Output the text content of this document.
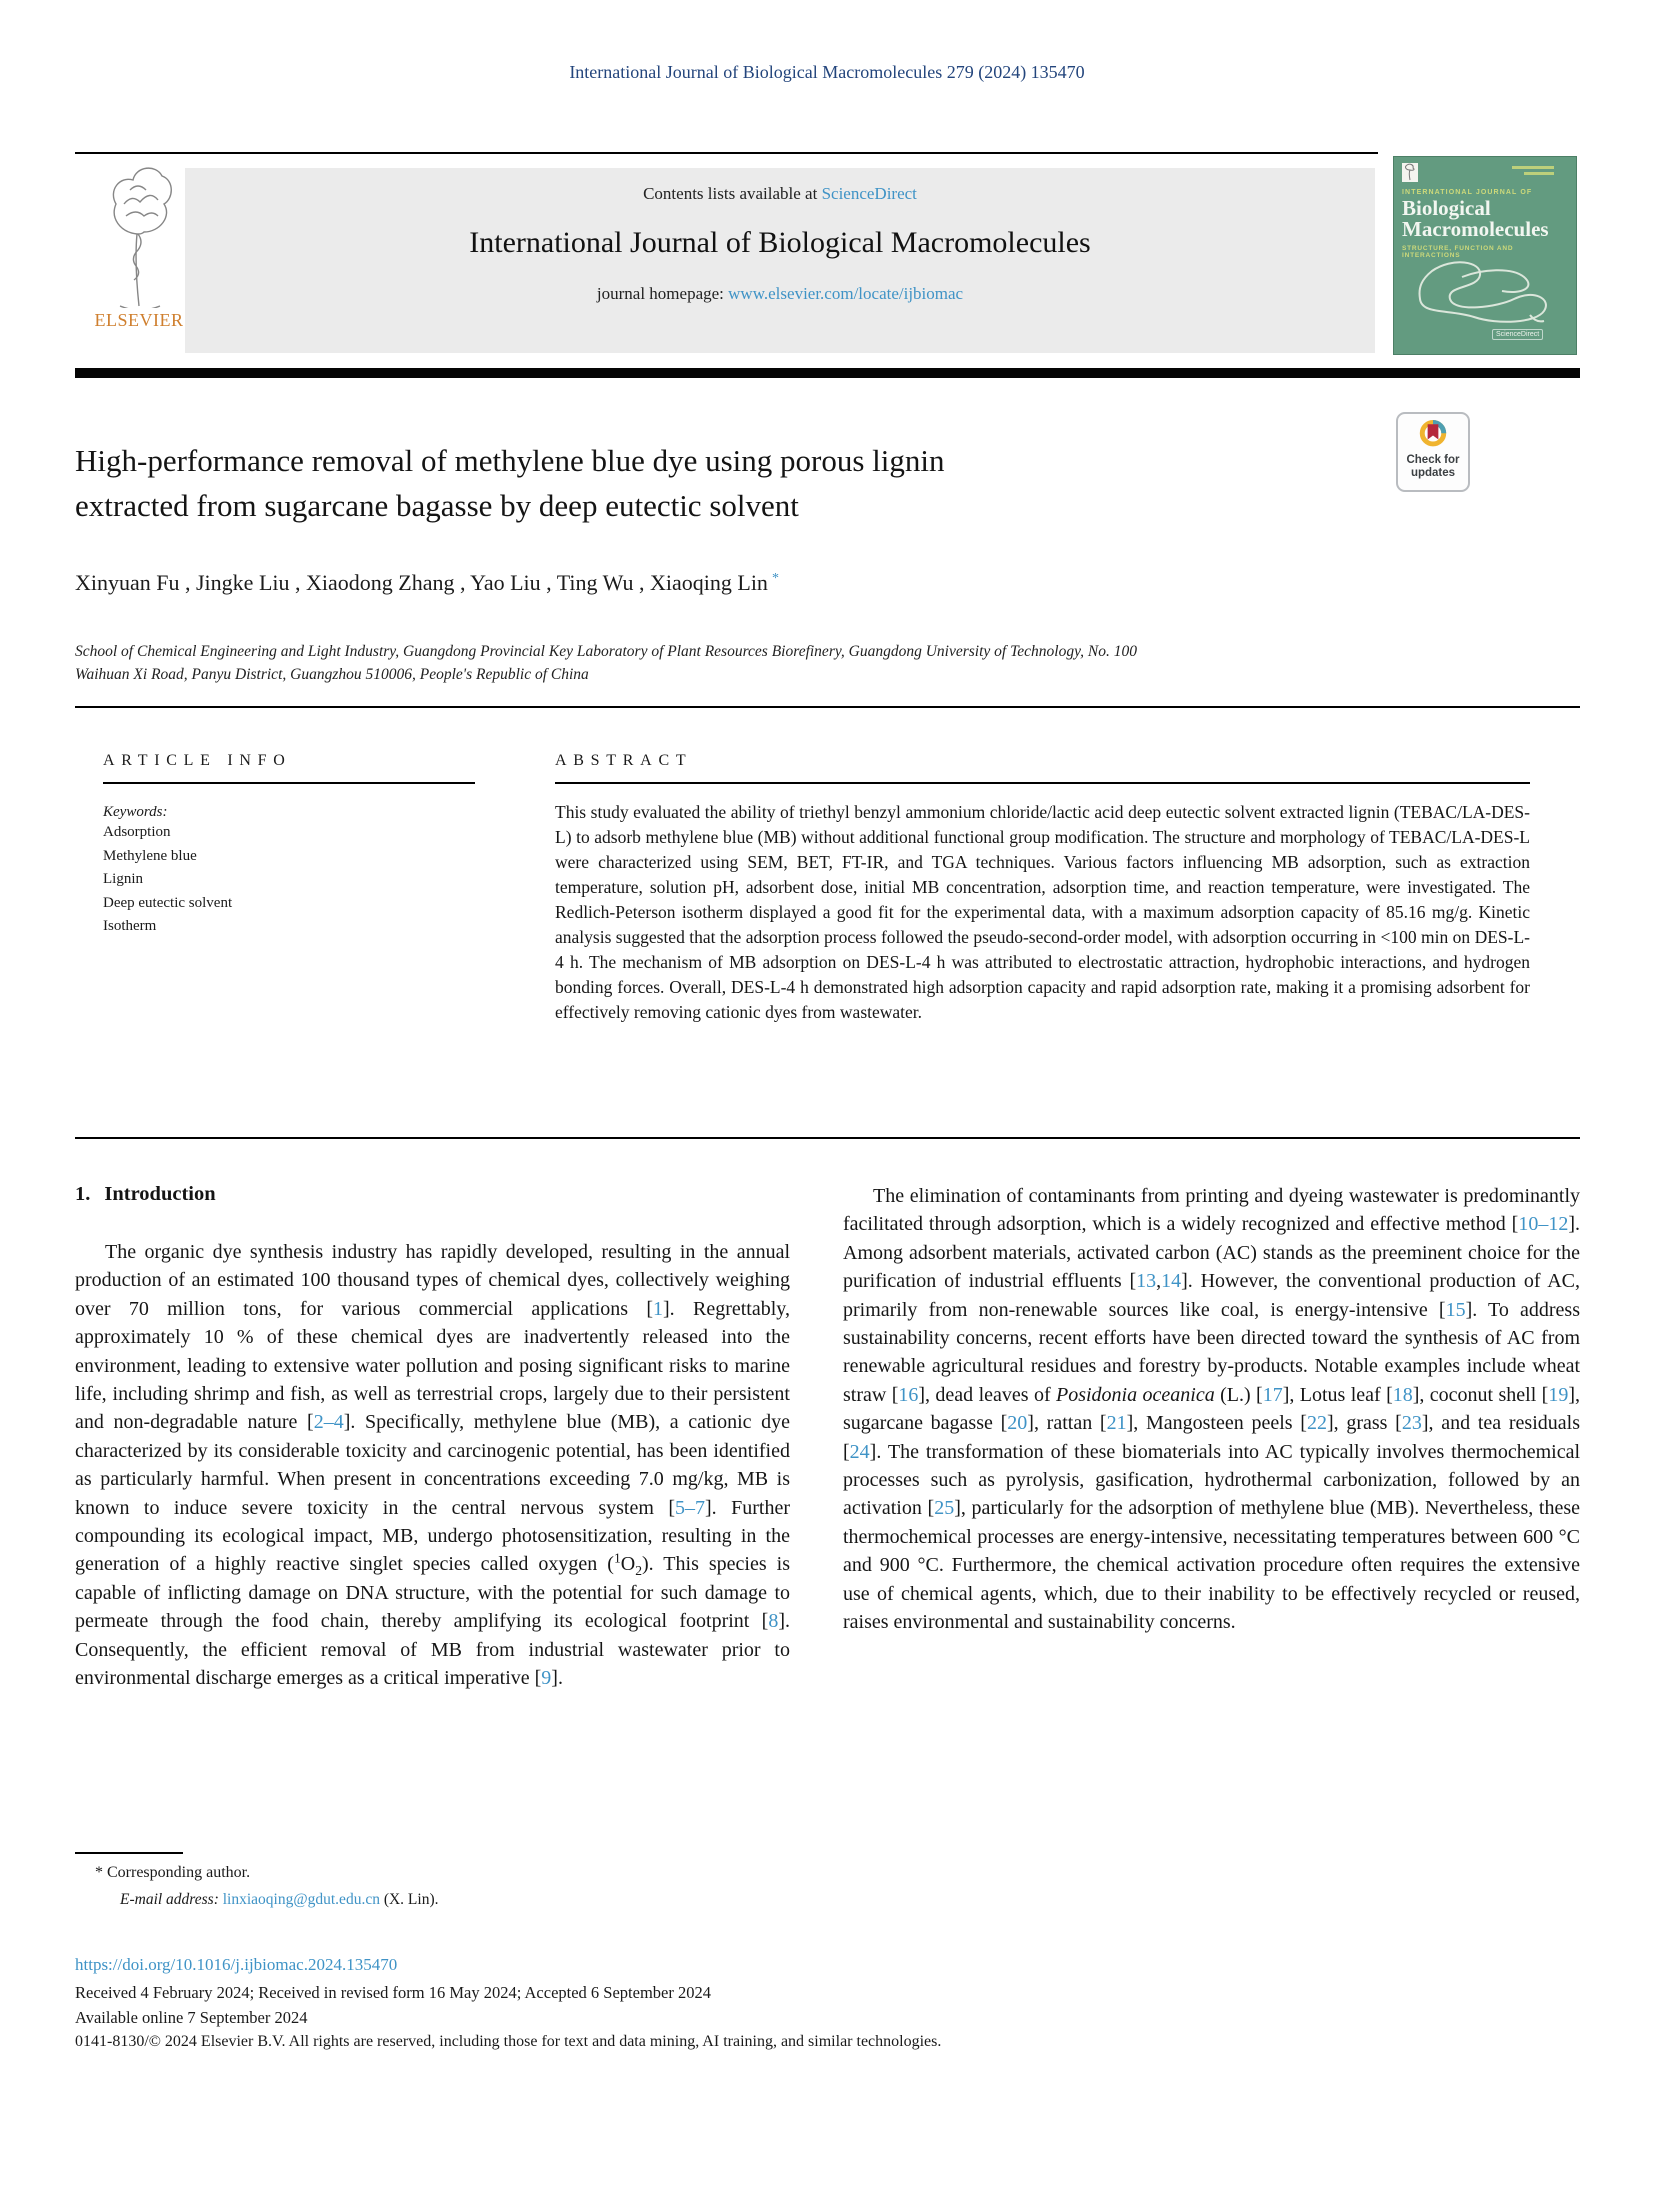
International Journal of Biological Macromolecules 279 (2024) 135470
ELSEVIER
Contents lists available at ScienceDirect
International Journal of Biological Macromolecules
journal homepage: www.elsevier.com/locate/ijbiomac
INTERNATIONAL JOURNAL OF
Biological
Macromolecules
STRUCTURE, FUNCTION AND INTERACTIONS
ScienceDirect
High-performance removal of methylene blue dye using porous lignin
extracted from sugarcane bagasse by deep eutectic solvent
Check for
updates
Xinyuan Fu , Jingke Liu , Xiaodong Zhang , Yao Liu , Ting Wu , Xiaoqing Lin *
School of Chemical Engineering and Light Industry, Guangdong Provincial Key Laboratory of Plant Resources Biorefinery, Guangdong University of Technology, No. 100
Waihuan Xi Road, Panyu District, Guangzhou 510006, People's Republic of China
ARTICLE INFO
Keywords:
Adsorption
Methylene blue
Lignin
Deep eutectic solvent
Isotherm
ABSTRACT

This study evaluated the ability of triethyl benzyl ammonium chloride/lactic acid deep eutectic solvent extracted lignin (TEBAC/LA-DES-L) to adsorb methylene blue (MB) without additional functional group modification. The structure and morphology of TEBAC/LA-DES-L were characterized using SEM, BET, FT-IR, and TGA techniques. Various factors influencing MB adsorption, such as extraction temperature, solution pH, adsorbent dose, initial MB concentration, adsorption time, and reaction temperature, were investigated. The Redlich-Peterson isotherm displayed a good fit for the experimental data, with a maximum adsorption capacity of 85.16 mg/g. Kinetic analysis suggested that the adsorption process followed the pseudo-second-order model, with adsorption occurring in <100 min on DES-L-4 h. The mechanism of MB adsorption on DES-L-4 h was attributed to electrostatic attraction, hydrophobic interactions, and hydrogen bonding forces. Overall, DES-L-4 h demonstrated high adsorption capacity and rapid adsorption rate, making it a promising adsorbent for effectively removing cationic dyes from wastewater.

1. Introduction

The organic dye synthesis industry has rapidly developed, resulting in the annual production of an estimated 100 thousand types of chemical dyes, collectively weighing over 70 million tons, for various commercial applications [1]. Regrettably, approximately 10 % of these chemical dyes are inadvertently released into the environment, leading to extensive water pollution and posing significant risks to marine life, including shrimp and fish, as well as terrestrial crops, largely due to their persistent and non-degradable nature [2–4]. Specifically, methylene blue (MB), a cationic dye characterized by its considerable toxicity and carcinogenic potential, has been identified as particularly harmful. When present in concentrations exceeding 7.0 mg/kg, MB is known to induce severe toxicity in the central nervous system [5–7]. Further compounding its ecological impact, MB, undergo photosensitization, resulting in the generation of a highly reactive singlet species called oxygen $(^1O_2)$. This species is capable of inflicting damage on DNA structure, with the potential for such damage to permeate through the food chain, thereby amplifying its ecological footprint [8]. Consequently, the efficient removal of MB from industrial wastewater prior to environmental discharge emerges as a critical imperative [9].

The elimination of contaminants from printing and dyeing wastewater is predominantly facilitated through adsorption, which is a widely recognized and effective method [10–12]. Among adsorbent materials, activated carbon (AC) stands as the preeminent choice for the purification of industrial effluents [13,14]. However, the conventional production of AC, primarily from non-renewable sources like coal, is energy-intensive [15]. To address sustainability concerns, recent efforts have been directed toward the synthesis of AC from renewable agricultural residues and forestry by-products. Notable examples include wheat straw [16], dead leaves of Posidonia oceanica (L.) [17], Lotus leaf [18], coconut shell [19], sugarcane bagasse [20], rattan [21], Mangosteen peels [22], grass [23], and tea residuals [24]. The transformation of these biomaterials into AC typically involves thermochemical processes such as pyrolysis, gasification, hydrothermal carbonization, followed by an activation [25], particularly for the adsorption of methylene blue (MB). Nevertheless, these thermochemical processes are energy-intensive, necessitating temperatures between 600 °C and 900 °C. Furthermore, the chemical activation procedure often requires the extensive use of chemical agents, which, due to their inability to be effectively recycled or reused, raises environmental and sustainability concerns.

* Corresponding author.
E-mail address: linxiaoqing@gdut.edu.cn (X. Lin).
https://doi.org/10.1016/j.ijbiomac.2024.135470
Received 4 February 2024; Received in revised form 16 May 2024; Accepted 6 September 2024
Available online 7 September 2024
0141-8130/© 2024 Elsevier B.V. All rights are reserved, including those for text and data mining, AI training, and similar technologies.
